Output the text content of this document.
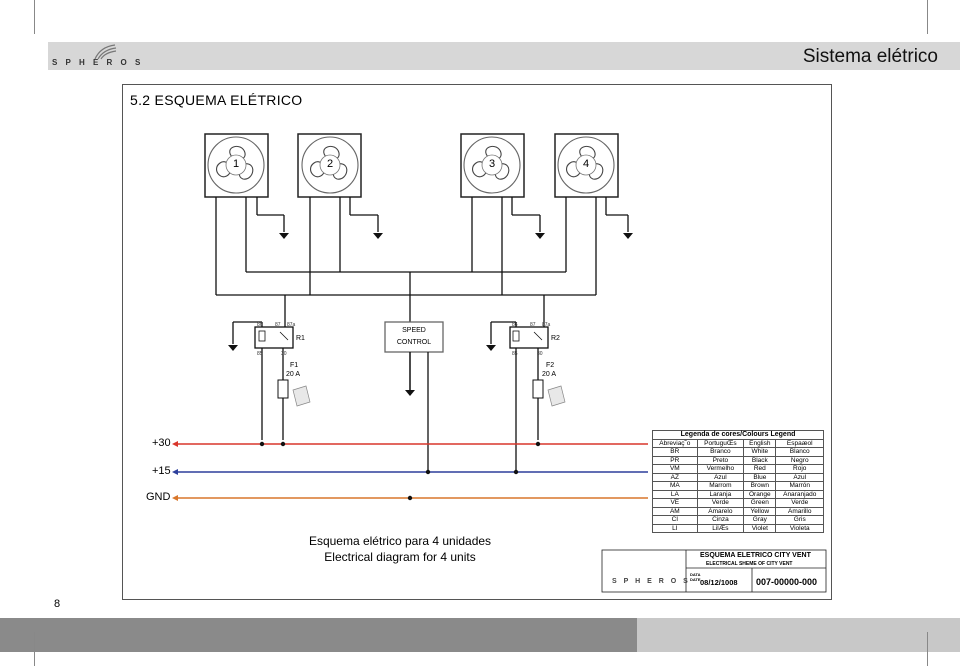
S P H E R O S	Sistema elétrico
5.2 ESQUEMA ELÉTRICO
86 87 87a
85	30
86 87 87a
85	30
1	2	3	4
R1	R2
SPEED
CONTROL
F1
20 A
F2
20 A
+30
+15
GND
Esquema elétrico para 4 unidades
Electrical diagram for 4 units
Legenda de cores/Colours Legend			
Abreviaç˜o	PortuguŒs	English	Espaæol
BR	Branco	White	Blanco
PR	Preto	Black	Negro
VM	Vermelho	Red	Rojo
AZ	Azul	Blue	Azul
MA	Marrom	Brown	Marrón
LA	Laranja	Orange	Anaranjado
VE	Verde	Green	Verde
AM	Amarelo	Yellow	Amarillo
CI	Cinza	Gray	Gris
LI	LilÆs	Violet	Violeta
ESQUEMA ELETRICO CITY VENT
ELECTRICAL SHEME OF CITY VENT
DATA
DATE 08/12/1008 007-00000-000
S P H E R O S
8
